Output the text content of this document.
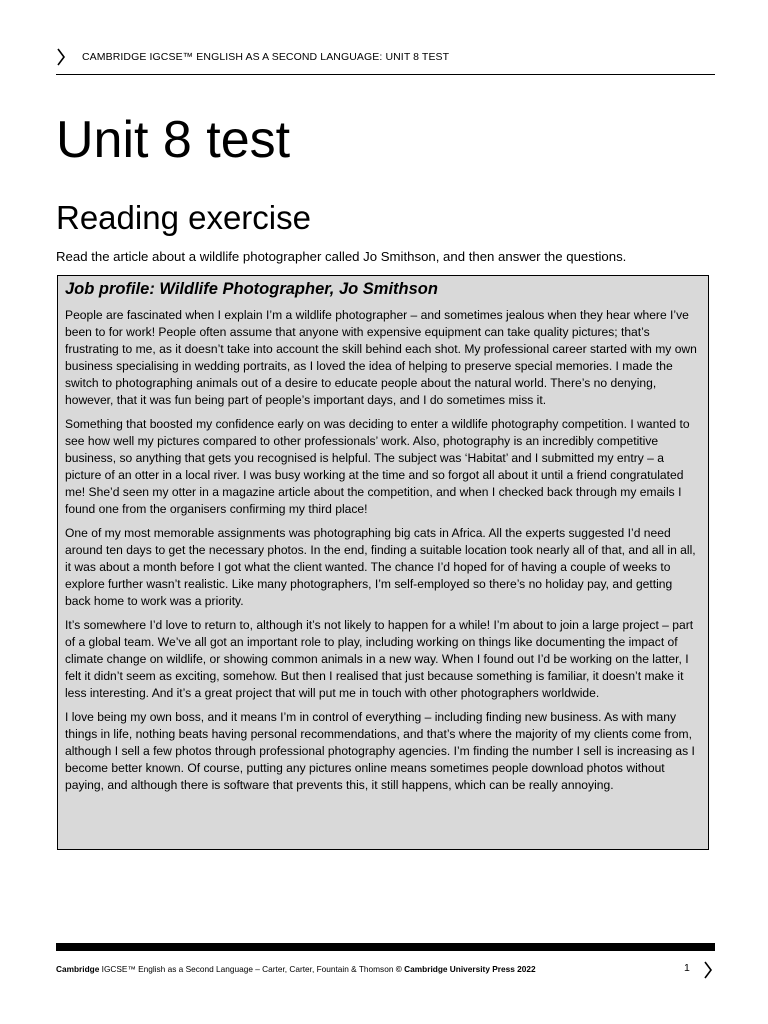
CAMBRIDGE IGCSE™ ENGLISH AS A SECOND LANGUAGE: UNIT 8 TEST
Unit 8 test
Reading exercise

Read the article about a wildlife photographer called Jo Smithson, and then answer the questions.

Job profile: Wildlife Photographer, Jo Smithson

People are fascinated when I explain I’m a wildlife photographer – and sometimes jealous when they hear where I’ve been to for work! People often assume that anyone with expensive equipment can take quality pictures; that’s frustrating to me, as it doesn’t take into account the skill behind each shot. My professional career started with my own business specialising in wedding portraits, as I loved the idea of helping to preserve special memories. I made the switch to photographing animals out of a desire to educate people about the natural world. There’s no denying, however, that it was fun being part of people’s important days, and I do sometimes miss it.

Something that boosted my confidence early on was deciding to enter a wildlife photography competition. I wanted to see how well my pictures compared to other professionals’ work. Also, photography is an incredibly competitive business, so anything that gets you recognised is helpful. The subject was ‘Habitat’ and I submitted my entry – a picture of an otter in a local river. I was busy working at the time and so forgot all about it until a friend congratulated me! She’d seen my otter in a magazine article about the competition, and when I checked back through my emails I found one from the organisers confirming my third place!

One of my most memorable assignments was photographing big cats in Africa. All the experts suggested I’d need around ten days to get the necessary photos. In the end, finding a suitable location took nearly all of that, and all in all, it was about a month before I got what the client wanted. The chance I’d hoped for of having a couple of weeks to explore further wasn’t realistic. Like many photographers, I’m self-employed so there’s no holiday pay, and getting back home to work was a priority.

It’s somewhere I’d love to return to, although it’s not likely to happen for a while! I’m about to join a large project – part of a global team. We’ve all got an important role to play, including working on things like documenting the impact of climate change on wildlife, or showing common animals in a new way. When I found out I’d be working on the latter, I felt it didn’t seem as exciting, somehow. But then I realised that just because something is familiar, it doesn’t make it less interesting. And it’s a great project that will put me in touch with other photographers worldwide.

I love being my own boss, and it means I’m in control of everything – including finding new business. As with many things in life, nothing beats having personal recommendations, and that’s where the majority of my clients come from, although I sell a few photos through professional photography agencies. I’m finding the number I sell is increasing as I become better known. Of course, putting any pictures online means sometimes people download photos without paying, and although there is software that prevents this, it still happens, which can be really annoying.

Cambridge IGCSE™ English as a Second Language – Carter, Carter, Fountain & Thomson © Cambridge University Press 2022	1
